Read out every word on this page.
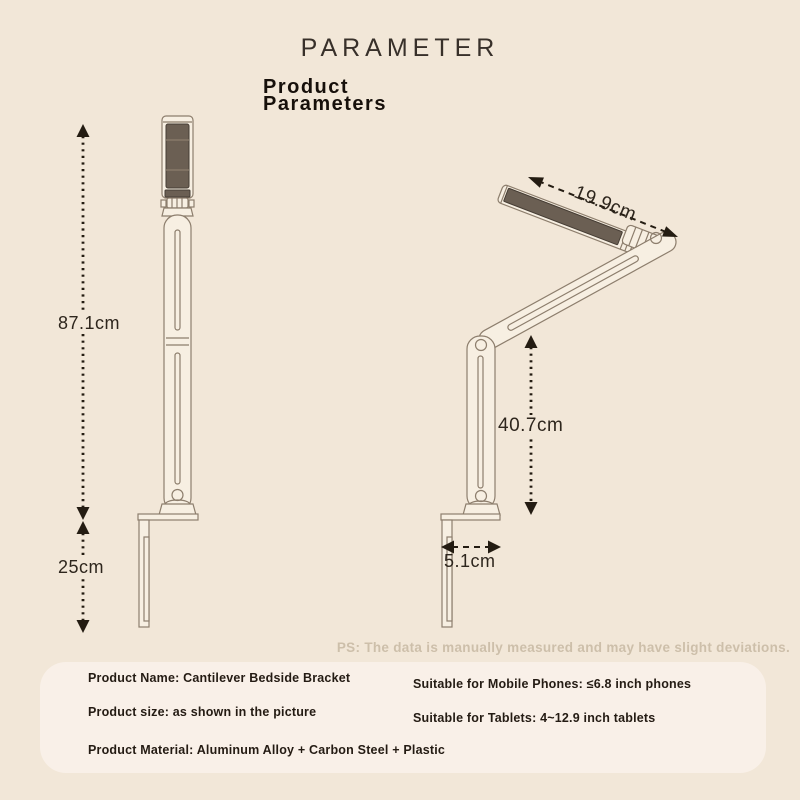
PARAMETER
Product Parameters
87.1cm
25cm
19.9cm
40.7cm
5.1cm
PS: The data is manually measured and may have slight deviations.
Product Name: Cantilever Bedside Bracket
Product size: as shown in the picture
Suitable for Mobile Phones: ≤6.8 inch phones
Suitable for Tablets: 4~12.9 inch tablets
Product Material: Aluminum Alloy + Carbon Steel + Plastic
